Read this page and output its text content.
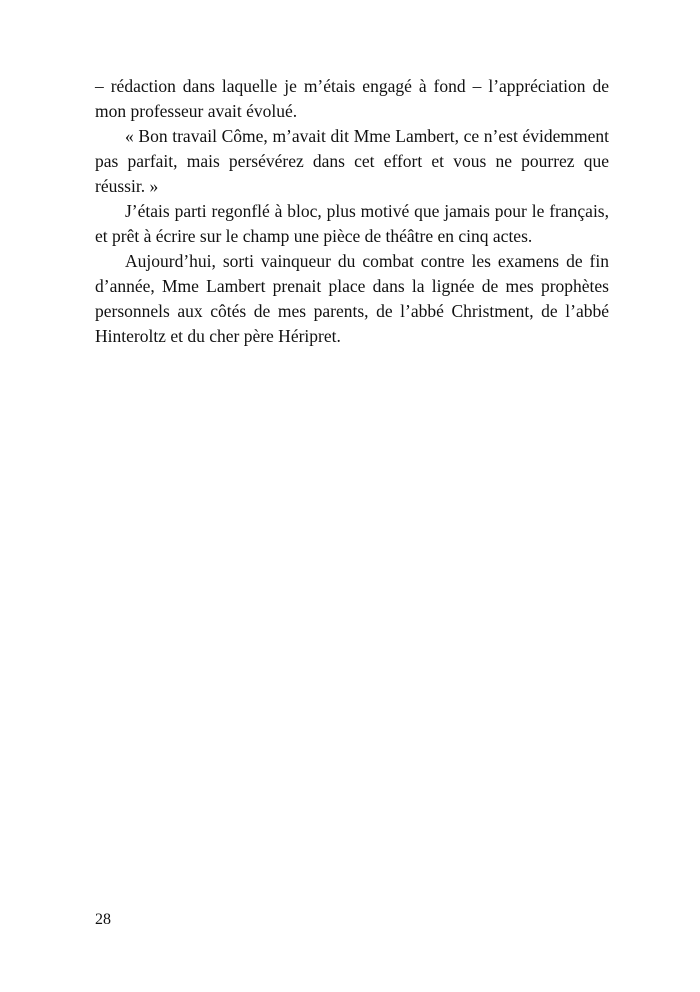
– rédaction dans laquelle je m’étais engagé à fond – l’appréciation de mon professeur avait évolué.

« Bon travail Côme, m’avait dit Mme Lambert, ce n’est évidemment pas parfait, mais persévérez dans cet effort et vous ne pourrez que réussir. »

J’étais parti regonflé à bloc, plus motivé que jamais pour le français, et prêt à écrire sur le champ une pièce de théâtre en cinq actes.

Aujourd’hui, sorti vainqueur du combat contre les examens de fin d’année, Mme Lambert prenait place dans la lignée de mes prophètes personnels aux côtés de mes parents, de l’abbé Christment, de l’abbé Hinteroltz et du cher père Héripret.

28
